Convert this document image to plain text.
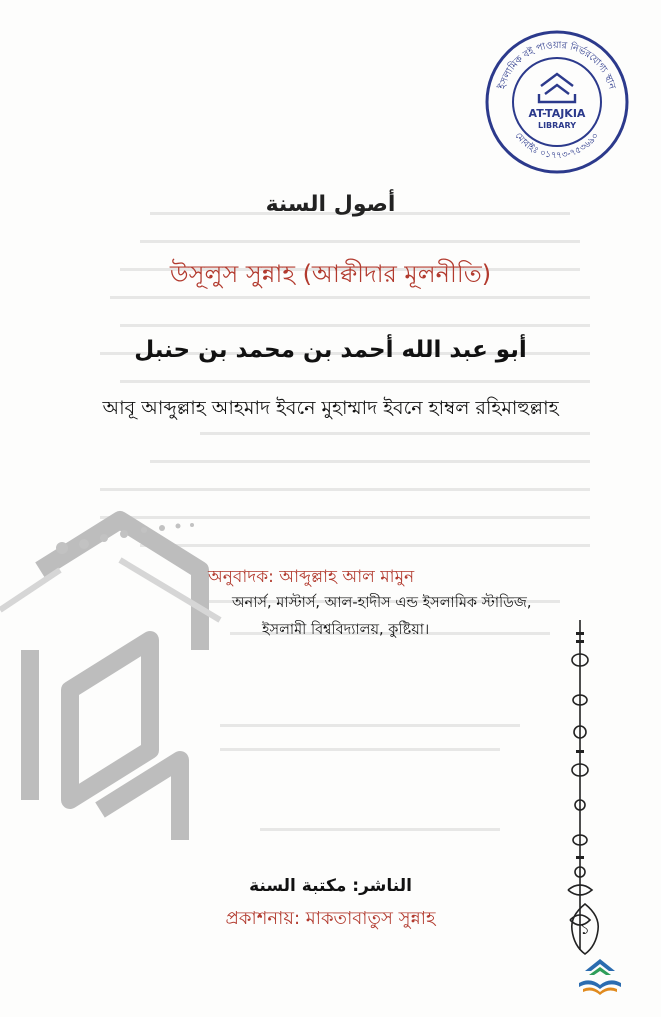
১
ইসলামিক বই পাওয়ার নির্ভরযোগ্য স্থান
মোবাইঃ ০১৭৭৩-৭৫৩৬৯০
AT-TAJKIA
LIBRARY
أصول السنة
উসূলুস সুন্নাহ (আক্বীদার মূলনীতি)
أبو عبد الله أحمد بن محمد بن حنبل
আবূ আব্দুল্লাহ আহমাদ ইবনে মুহাম্মাদ ইবনে হাম্বল রহিমাহুল্লাহ
অনুবাদক: আব্দুল্লাহ আল মামুন
অনার্স, মাস্টার্স, আল-হাদীস এন্ড ইসলামিক স্টাডিজ,
ইসলামী বিশ্ববিদ্যালয়, কুষ্টিয়া।
الناشر: مكتبة السنة
প্রকাশনায়: মাকতাবাতুস সুন্নাহ
